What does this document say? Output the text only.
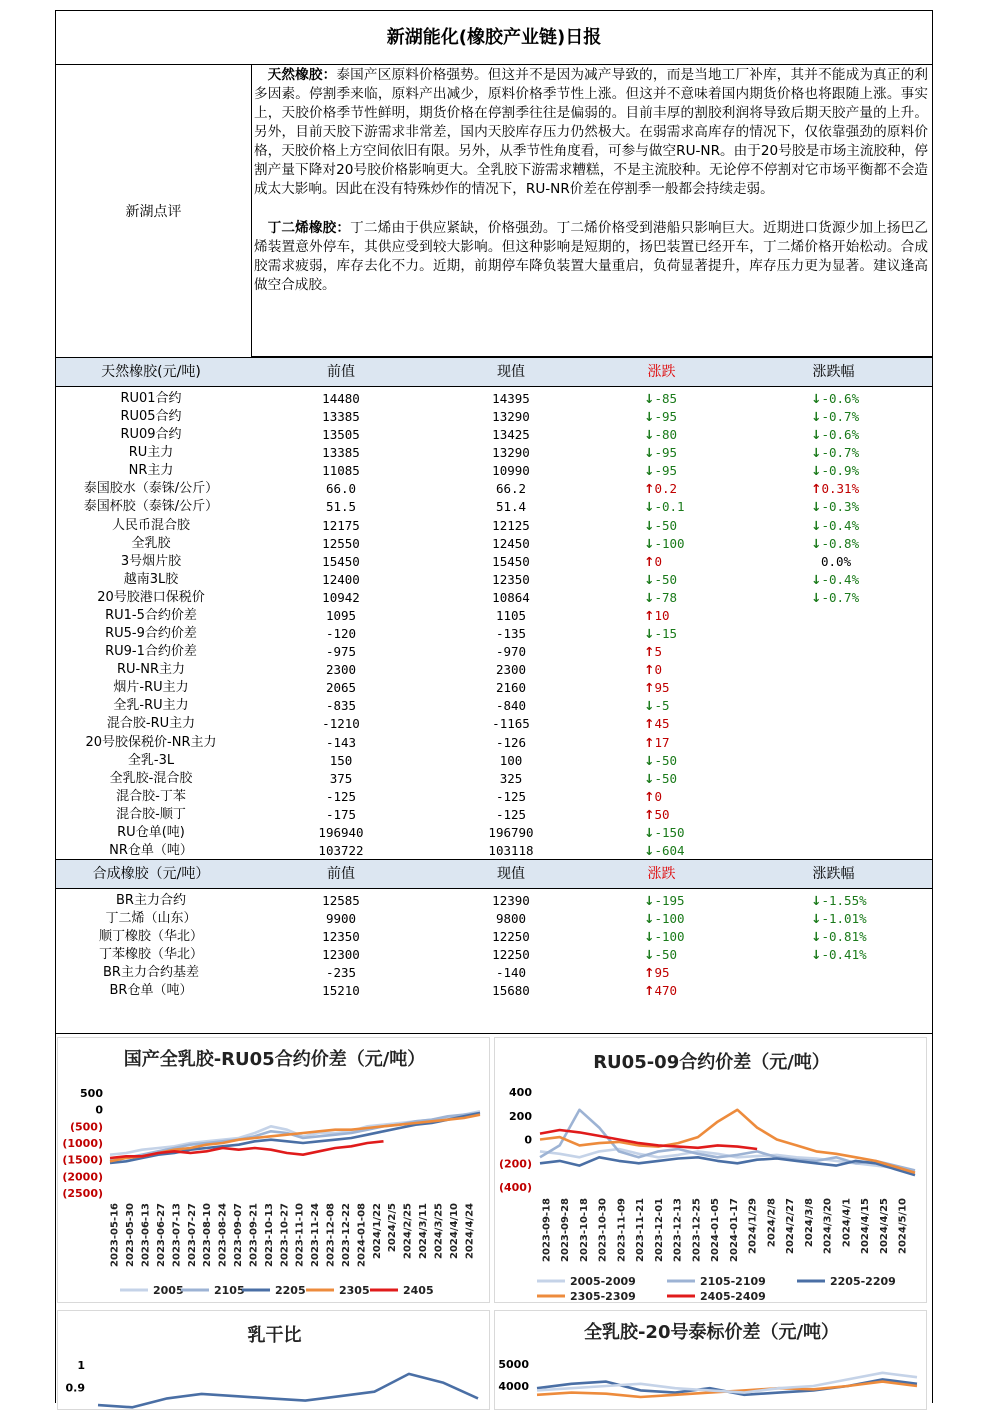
新湖能化(橡胶产业链)日报
新湖点评

天然橡胶：泰国产区原料价格强势。但这并不是因为减产导致的，而是当地工厂补库，其并不能成为真正的利多因素。停割季来临，原料产出减少，原料价格季节性上涨。但这并不意味着国内期货价格也将跟随上涨。事实上，天胶价格季节性鲜明，期货价格在停割季往往是偏弱的。目前丰厚的割胶利润将导致后期天胶产量的上升。另外，目前天胶下游需求非常差，国内天胶库存压力仍然极大。在弱需求高库存的情况下，仅依靠强劲的原料价格，天胶价格上方空间依旧有限。另外，从季节性角度看，可参与做空RU-NR。由于20号胶是市场主流胶种，停割产量下降对20号胶价格影响更大。全乳胶下游需求糟糕，不是主流胶种。无论停不停割对它市场平衡都不会造成太大影响。因此在没有特殊炒作的情况下，RU-NR价差在停割季一般都会持续走弱。

丁二烯橡胶：丁二烯由于供应紧缺，价格强劲。丁二烯价格受到港船只影响巨大。近期进口货源少加上扬巴乙烯装置意外停车，其供应受到较大影响。但这种影响是短期的，扬巴装置已经开车，丁二烯价格开始松动。合成胶需求疲弱，库存去化不力。近期，前期停车降负装置大量重启，负荷显著提升，库存压力更为显著。建议逢高做空合成胶。

天然橡胶(元/吨)	前值	现值	涨跌	涨跌幅
RU01合约	14480	14395	↓-85	↓-0.6%
RU05合约	13385	13290	↓-95	↓-0.7%
RU09合约	13505	13425	↓-80	↓-0.6%
RU主力	13385	13290	↓-95	↓-0.7%
NR主力	11085	10990	↓-95	↓-0.9%
泰国胶水（泰铢/公斤）	66.0	66.2	↑0.2	↑0.31%
泰国杯胶（泰铢/公斤）	51.5	51.4	↓-0.1	↓-0.3%
人民币混合胶	12175	12125	↓-50	↓-0.4%
全乳胶	12550	12450	↓-100	↓-0.8%
3号烟片胶	15450	15450	↑0	0.0%
越南3L胶	12400	12350	↓-50	↓-0.4%
20号胶港口保税价	10942	10864	↓-78	↓-0.7%
RU1-5合约价差	1095	1105	↑10
RU5-9合约价差	-120	-135	↓-15
RU9-1合约价差	-975	-970	↑5
RU-NR主力	2300	2300	↑0
烟片-RU主力	2065	2160	↑95
全乳-RU主力	-835	-840	↓-5
混合胶-RU主力	-1210	-1165	↑45
20号胶保税价-NR主力	-143	-126	↑17
全乳-3L	150	100	↓-50
全乳胶-混合胶	375	325	↓-50
混合胶-丁苯	-125	-125	↑0
混合胶-顺丁	-175	-125	↑50
RU仓单(吨)	196940	196790	↓-150
NR仓单（吨）	103722	103118	↓-604
合成橡胶（元/吨）	前值	现值	涨跌	涨跌幅
BR主力合约	12585	12390	↓-195	↓-1.55%
丁二烯（山东）	9900	9800	↓-100	↓-1.01%
顺丁橡胶（华北）	12350	12250	↓-100	↓-0.81%
丁苯橡胶（华北）	12300	12250	↓-50	↓-0.41%
BR主力合约基差	-235	-140	↑95
BR仓单（吨）	15210	15680	↑470
国产全乳胶-RU05合约价差（元/吨）
500
0
(500)
(1000)
(1500)
(2000)
(2500)
2023-05-16 2023-05-30 2023-06-13 2023-06-27 2023-07-13 2023-07-27 2023-08-10 2023-08-24 2023-09-07 2023-09-21 2023-10-13 2023-10-27 2023-11-10 2023-11-24 2023-12-08 2023-12-22 2024-01-08 2024/1/22 2024/2/5 2024/2/25 2024/3/11 2024/3/25 2024/4/10 2024/4/24
2005	2105	2205	2305	2405
RU05-09合约价差（元/吨）
400
200
0
(200)
(400)
2023-09-18 2023-09-28 2023-10-18 2023-10-30 2023-11-09 2023-11-21 2023-12-01 2023-12-13 2023-12-25 2024-01-05 2024-01-17 2024/1/29 2024/2/8 2024/2/27 2024/3/8 2024/3/20 2024/4/1 2024/4/15 2024/4/25 2024/5/10
2005-2009	2105-2109	2205-2209
2305-2309	2405-2409
乳干比
1
0.9
全乳胶-20号泰标价差（元/吨）
5000
4000
